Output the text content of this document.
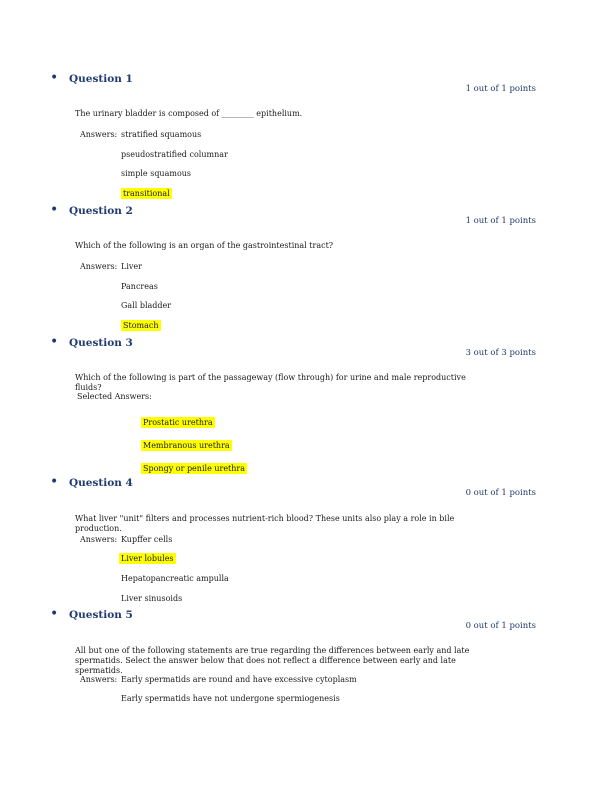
• Question 1
1 out of 1 points
The urinary bladder is composed of ________ epithelium.
Answers: stratified squamous
pseudostratified columnar
simple squamous
transitional
• Question 2
1 out of 1 points
Which of the following is an organ of the gastrointestinal tract?
Answers: Liver
Pancreas
Gall bladder
Stomach
• Question 3
3 out of 3 points
Which of the following is part of the passageway (flow through) for urine and male reproductive fluids?
Selected Answers:
Prostatic urethra
Membranous urethra
Spongy or penile urethra
• Question 4
0 out of 1 points
What liver "unit" filters and processes nutrient-rich blood? These units also play a role in bile production.
Answers: Kupffer cells
Liver lobules
Hepatopancreatic ampulla
Liver sinusoids
• Question 5
0 out of 1 points
All but one of the following statements are true regarding the differences between early and late spermatids. Select the answer below that does not reflect a difference between early and late spermatids.
Answers: Early spermatids are round and have excessive cytoplasm
Early spermatids have not undergone spermiogenesis
